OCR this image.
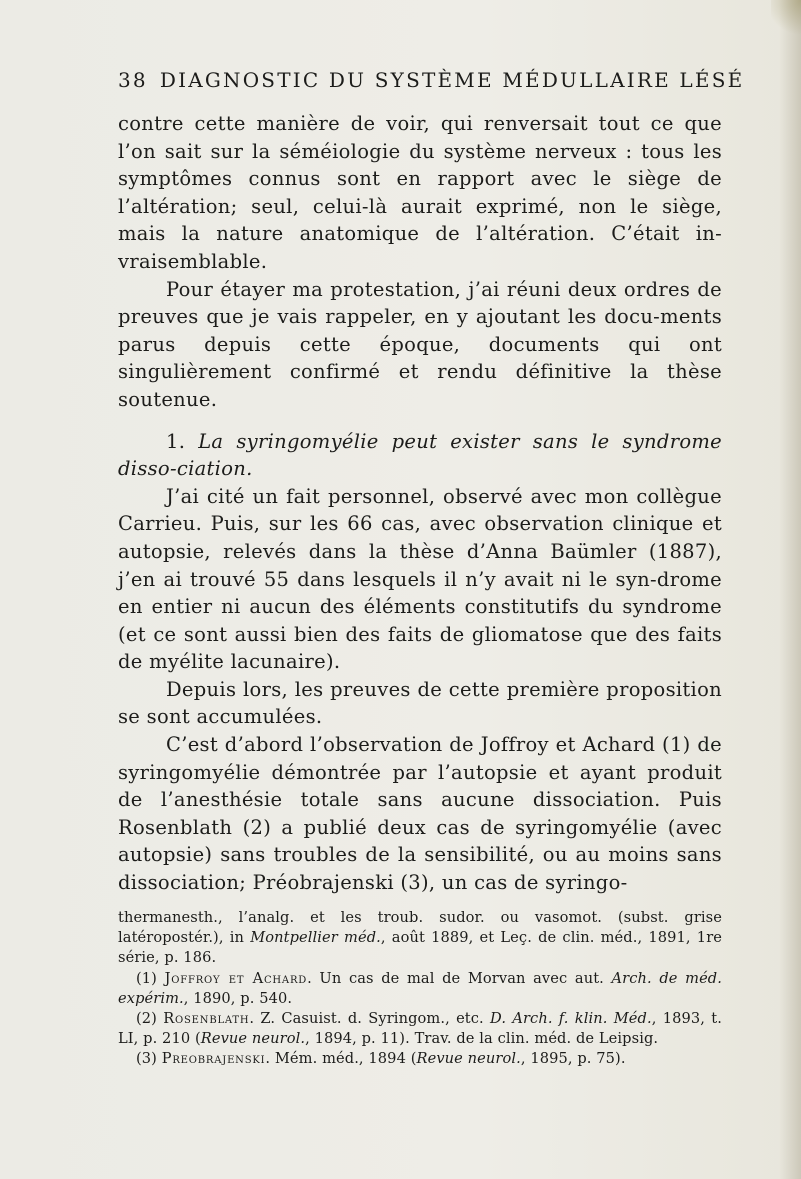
38 DIAGNOSTIC DU SYSTÈME MÉDULLAIRE LÉSÉ

contre cette manière de voir, qui renversait tout ce que l’on sait sur la séméiologie du système nerveux : tous les symptômes connus sont en rapport avec le siège de l’altération; seul, celui-là aurait exprimé, non le siège, mais la nature anatomique de l’altération. C’était in-vraisemblable.

Pour étayer ma protestation, j’ai réuni deux ordres de preuves que je vais rappeler, en y ajoutant les docu-ments parus depuis cette époque, documents qui ont singulièrement confirmé et rendu définitive la thèse soutenue.

1. La syringomyélie peut exister sans le syndrome disso-ciation.

J’ai cité un fait personnel, observé avec mon collègue Carrieu. Puis, sur les 66 cas, avec observation clinique et autopsie, relevés dans la thèse d’Anna Baümler (1887), j’en ai trouvé 55 dans lesquels il n’y avait ni le syn-drome en entier ni aucun des éléments constitutifs du syndrome (et ce sont aussi bien des faits de gliomatose que des faits de myélite lacunaire).

Depuis lors, les preuves de cette première proposition se sont accumulées.

C’est d’abord l’observation de Joffroy et Achard (1) de syringomyélie démontrée par l’autopsie et ayant produit de l’anesthésie totale sans aucune dissociation. Puis Rosenblath (2) a publié deux cas de syringomyélie (avec autopsie) sans troubles de la sensibilité, ou au moins sans dissociation; Préobrajenski (3), un cas de syringo-

thermanesth., l’analg. et les troub. sudor. ou vasomot. (subst. grise latéropostér.), in Montpellier méd., août 1889, et Leç. de clin. méd., 1891, 1re série, p. 186.

(1) Joffroy et Achard. Un cas de mal de Morvan avec aut. Arch. de méd. expérim., 1890, p. 540.

(2) Rosenblath. Z. Casuist. d. Syringom., etc. D. Arch. f. klin. Méd., 1893, t. LI, p. 210 (Revue neurol., 1894, p. 11). Trav. de la clin. méd. de Leipsig.

(3) Preobrajenski. Mém. méd., 1894 (Revue neurol., 1895, p. 75).
